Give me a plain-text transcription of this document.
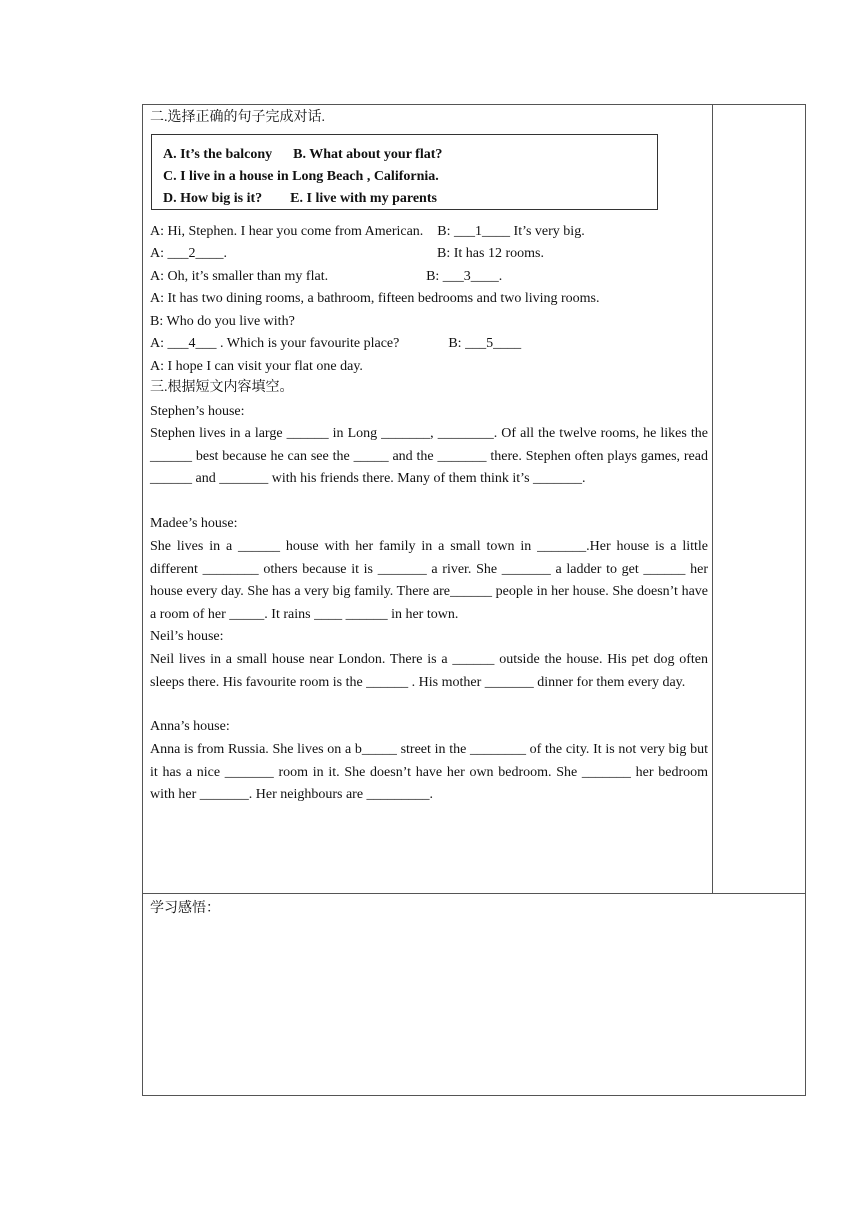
二.选择正确的句子完成对话.
A. It’s the balcony      B. What about your flat?
C. I live in a house in Long Beach , California.
D. How big is it?        E. I live with my parents
A: Hi, Stephen. I hear you come from American.    B: ___1____ It’s very big.
A: ___2____.                                                            B: It has 12 rooms.
A: Oh, it’s smaller than my flat.                            B: ___3____.
A: It has two dining rooms, a bathroom, fifteen bedrooms and two living rooms.
B: Who do you live with?
A: ___4___ . Which is your favourite place?              B: ___5____
A: I hope I can visit your flat one day.
三.根据短文内容填空。
Stephen’s house:
Stephen lives in a large ______ in Long _______, ________. Of all the twelve rooms, he likes the ______ best because he can see the _____ and the _______ there. Stephen often plays games, read ______ and _______ with his friends there. Many of them think it’s _______.
Madee’s house:
She lives in a ______ house with her family in a small town in _______.Her house is a little different ________ others because it is _______ a river. She _______ a ladder to get ______ her house every day. She has a very big family. There are______ people in her house. She doesn’t have a room of her _____. It rains ____ ______ in her town.
Neil’s house:
Neil lives in a small house near London. There is a ______ outside the house. His pet dog often sleeps there. His favourite room is the ______ . His mother _______ dinner for them every day.
Anna’s house:
Anna is from Russia. She lives on a b_____ street in the ________ of the city. It is not very big but it has a nice _______ room in it. She doesn’t have her own bedroom. She _______ her bedroom with her _______. Her neighbours are _________.
学习感悟：
